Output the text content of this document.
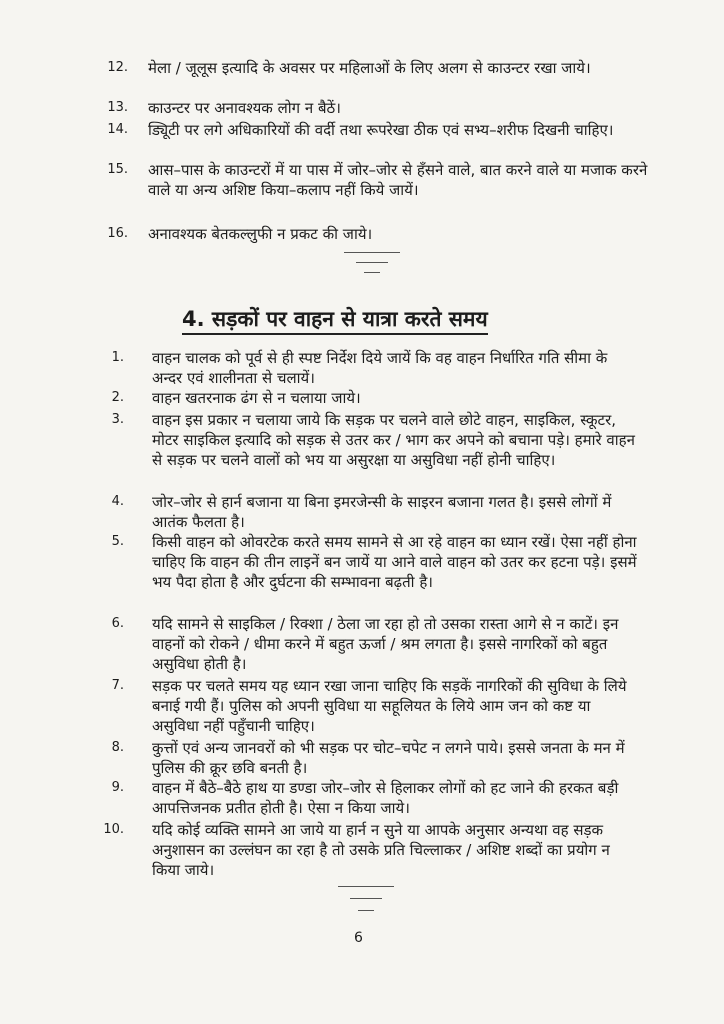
12. मेला / जूलूस इत्यादि के अवसर पर महिलाओं के लिए अलग से काउन्टर रखा जाये।
13. काउन्टर पर अनावश्यक लोग न बैठें।
14. ड्यिूटी पर लगे अधिकारियों की वर्दी तथा रूपरेखा ठीक एवं सभ्य–शरीफ दिखनी चाहिए।
15. आस–पास के काउन्टरों में या पास में जोर–जोर से हँसने वाले, बात करने वाले या मजाक करने वाले या अन्य अशिष्ट किया–कलाप नहीं किये जायें।
16. अनावश्यक बेतकल्लुफी न प्रकट की जाये।
4. सड़कों पर वाहन से यात्रा करते समय
1. वाहन चालक को पूर्व से ही स्पष्ट निर्देश दिये जायें कि वह वाहन निर्धारित गति सीमा के अन्दर एवं शालीनता से चलायें।
2. वाहन खतरनाक ढंग से न चलाया जाये।
3. वाहन इस प्रकार न चलाया जाये कि सड़क पर चलने वाले छोटे वाहन, साइकिल, स्कूटर, मोटर साइकिल इत्यादि को सड़क से उतर कर / भाग कर अपने को बचाना पड़े। हमारे वाहन से सड़क पर चलने वालों को भय या असुरक्षा या असुविधा नहीं होनी चाहिए।
4. जोर–जोर से हार्न बजाना या बिना इमरजेन्सी के साइरन बजाना गलत है। इससे लोगों में आतंक फैलता है।
5. किसी वाहन को ओवरटेक करते समय सामने से आ रहे वाहन का ध्यान रखें। ऐसा नहीं होना चाहिए कि वाहन की तीन लाइनें बन जायें या आने वाले वाहन को उतर कर हटना पड़े। इसमें भय पैदा होता है और दुर्घटना की सम्भावना बढ़ती है।
6. यदि सामने से साइकिल / रिक्शा / ठेला जा रहा हो तो उसका रास्ता आगे से न काटें। इन वाहनों को रोकने / धीमा करने में बहुत ऊर्जा / श्रम लगता है। इससे नागरिकों को बहुत असुविधा होती है।
7. सड़क पर चलते समय यह ध्यान रखा जाना चाहिए कि सड़कें नागरिकों की सुविधा के लिये बनाई गयी हैं। पुलिस को अपनी सुविधा या सहूलियत के लिये आम जन को कष्ट या असुविधा नहीं पहुँचानी चाहिए।
8. कुत्तों एवं अन्य जानवरों को भी सड़क पर चोट–चपेट न लगने पाये। इससे जनता के मन में पुलिस की क्रूर छवि बनती है।
9. वाहन में बैठे–बैठे हाथ या डण्डा जोर–जोर से हिलाकर लोगों को हट जाने की हरकत बड़ी आपत्तिजनक प्रतीत होती है। ऐसा न किया जाये।
10. यदि कोई व्यक्ति सामने आ जाये या हार्न न सुने या आपके अनुसार अन्यथा वह सड़क अनुशासन का उल्लंघन का रहा है तो उसके प्रति चिल्लाकर / अशिष्ट शब्दों का प्रयोग न किया जाये।
6
